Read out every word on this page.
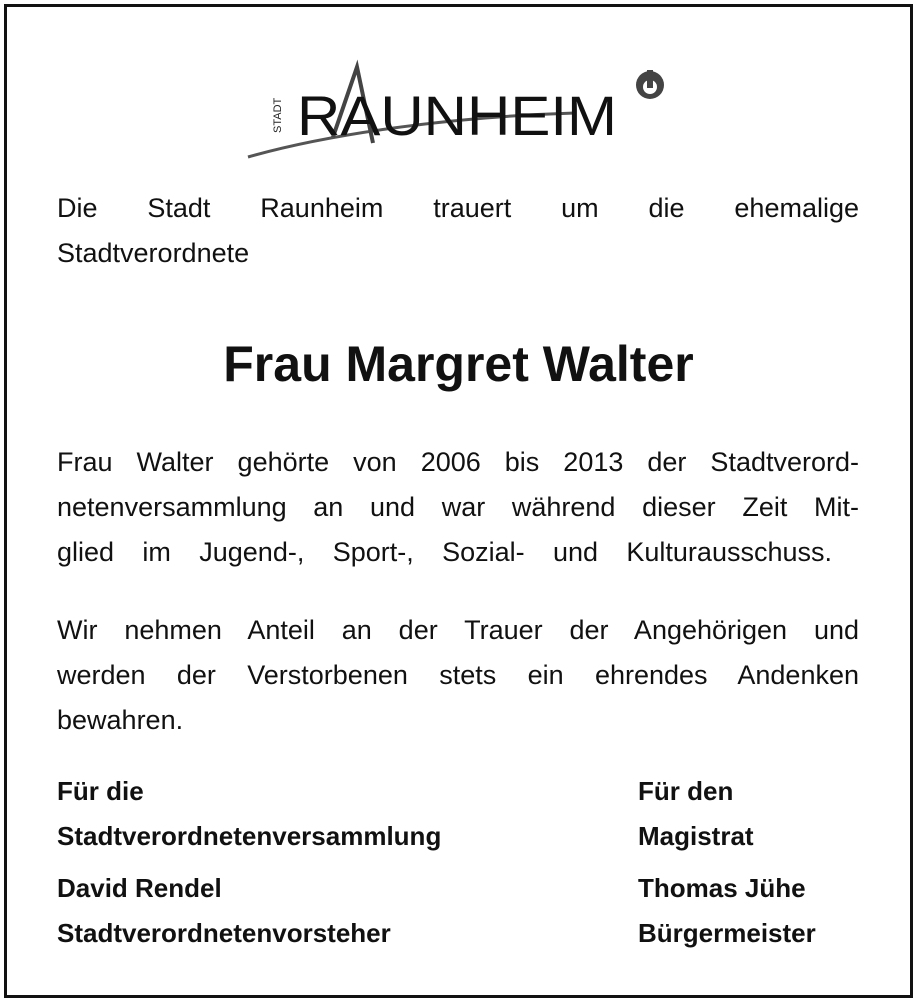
STADT RAUNHEIM
Die Stadt Raunheim trauert um die ehemalige
Stadtverordnete
Frau Margret Walter
Frau Walter gehörte von 2006 bis 2013 der Stadtverord-
netenversammlung an und war während dieser Zeit Mit-
glied im Jugend-, Sport-, Sozial- und Kulturausschuss.
Wir nehmen Anteil an der Trauer der Angehörigen und
werden der Verstorbenen stets ein ehrendes Andenken
bewahren.
Für die
Stadtverordnetenversammlung
David Rendel
Stadtverordnetenvorsteher
Für den
Magistrat
Thomas Jühe
Bürgermeister
